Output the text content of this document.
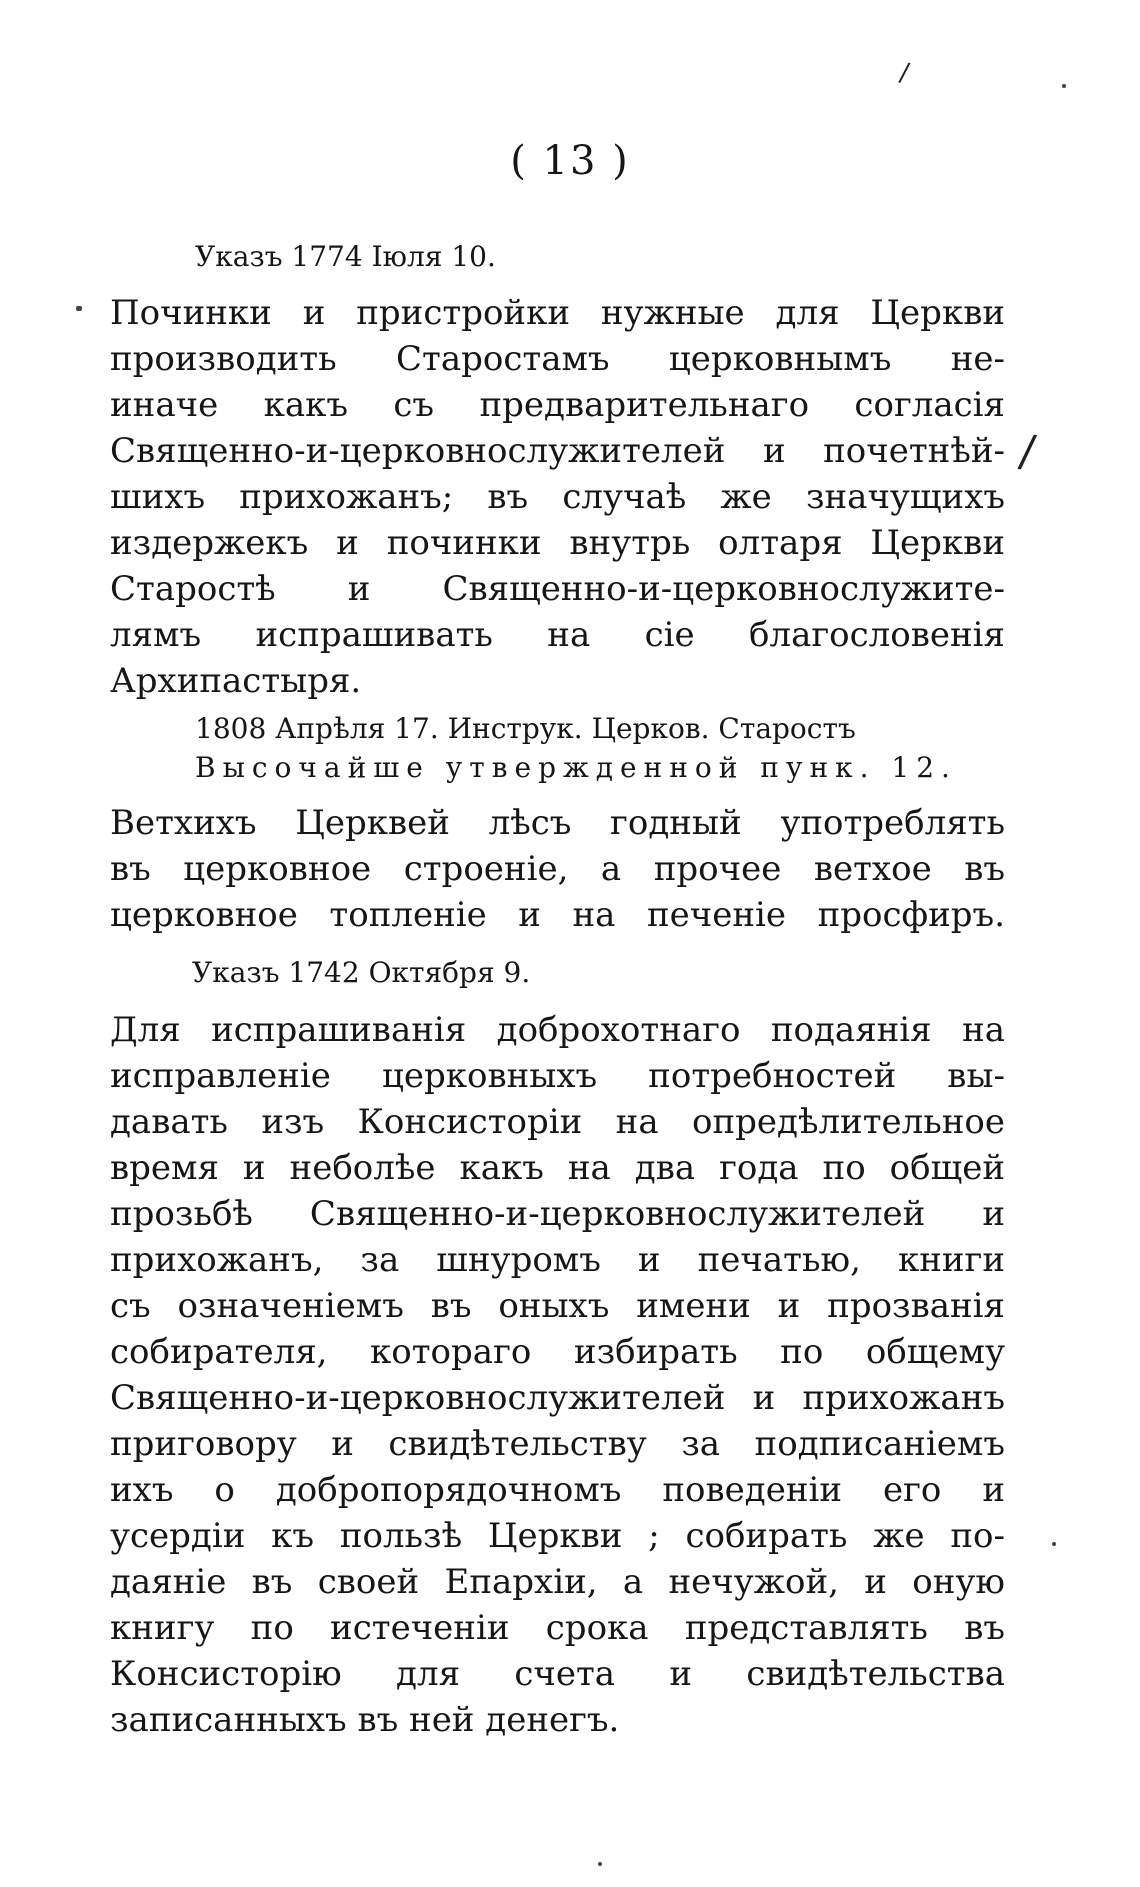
/
( 13 )
Указъ 1774 Іюля 10.
Починки и пристройки нужные для Церкви
производить Старостамъ церковнымъ не-
иначе какъ съ предварительнаго согласія
Священно-и-церковнослужителей и почетнѣй-
шихъ прихожанъ; въ случаѣ же значущихъ
издержекъ и починки внутрь олтаря Церкви
Старостѣ и Священно-и-церковнослужите-
лямъ испрашивать на сіе благословенія
Архипастыря.
/
1808 Апрѣля 17. Инструк. Церков. Старостъ
Высочайше утвержденной пунк. 12.
Ветхихъ Церквей лѣсъ годный употреблять
въ церковное строеніе, а прочее ветхое въ
церковное топленіе и на печеніе просфиръ.
Указъ 1742 Октября 9.
Для испрашиванія доброхотнаго подаянія на
исправленіе церковныхъ потребностей вы-
давать изъ Консисторіи на опредѣлительное
время и неболѣе какъ на два года по общей
прозьбѣ Священно-и-церковнослужителей и
прихожанъ, за шнуромъ и печатью, книги
съ означеніемъ въ оныхъ имени и прозванія
собирателя, котораго избирать по общему
Священно-и-церковнослужителей и прихожанъ
приговору и свидѣтельству за подписаніемъ
ихъ о добропорядочномъ поведеніи его и
усердіи къ пользѣ Церкви ; собирать же по-
даяніе въ своей Епархіи, а нечужой, и оную
книгу по истеченіи срока представлять въ
Консисторію для счета и свидѣтельства
записанныхъ въ ней денегъ.
